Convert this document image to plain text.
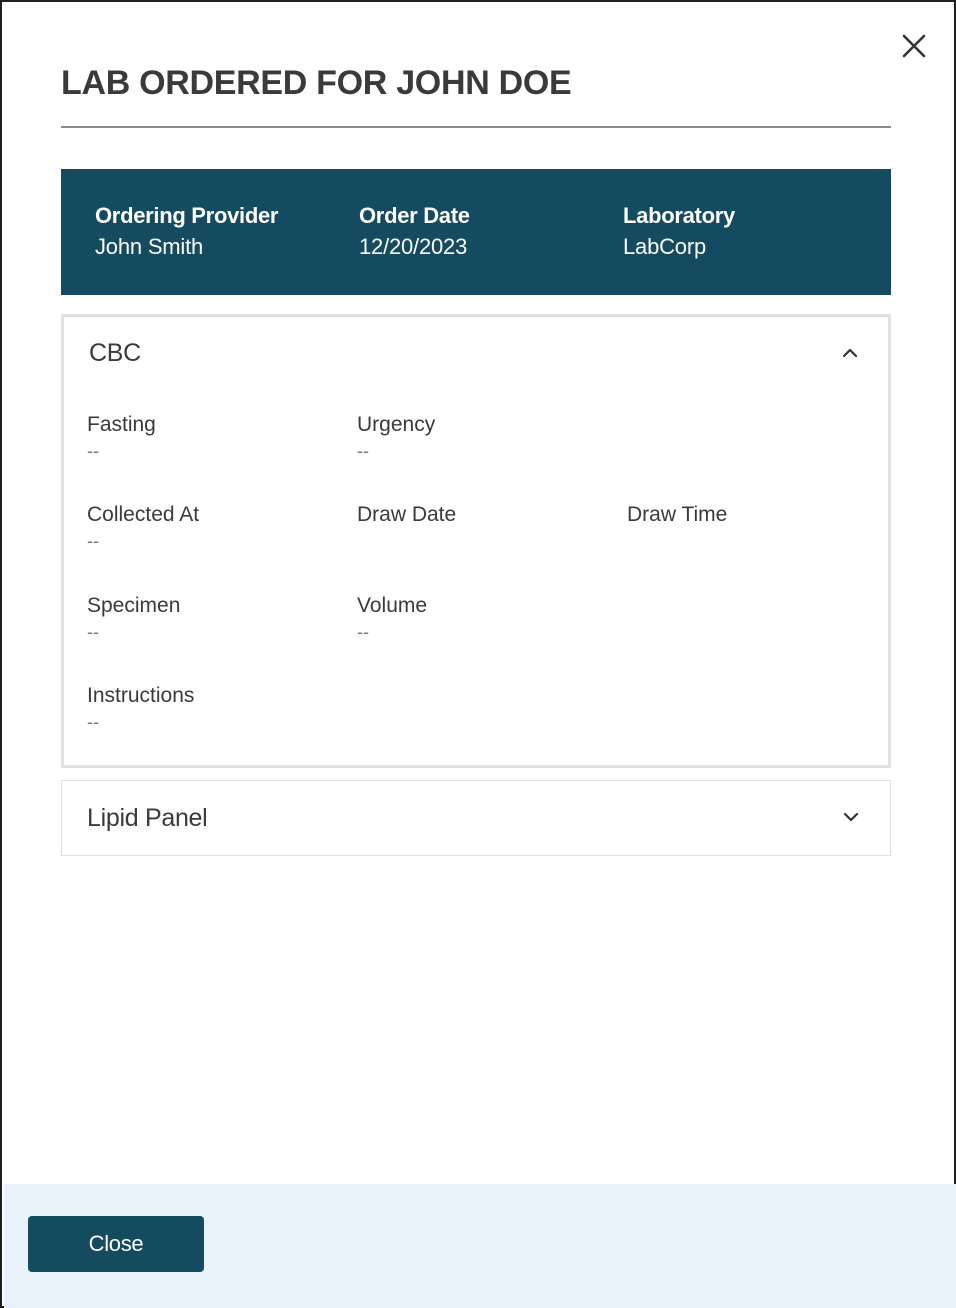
LAB ORDERED FOR JOHN DOE
Ordering Provider
John Smith
Order Date
12/20/2023
Laboratory
LabCorp
CBC
Fasting
--
Urgency
--
Collected At
--
Draw Date	Draw Time
Specimen
--
Volume
--
Instructions
--
Lipid Panel
Close
